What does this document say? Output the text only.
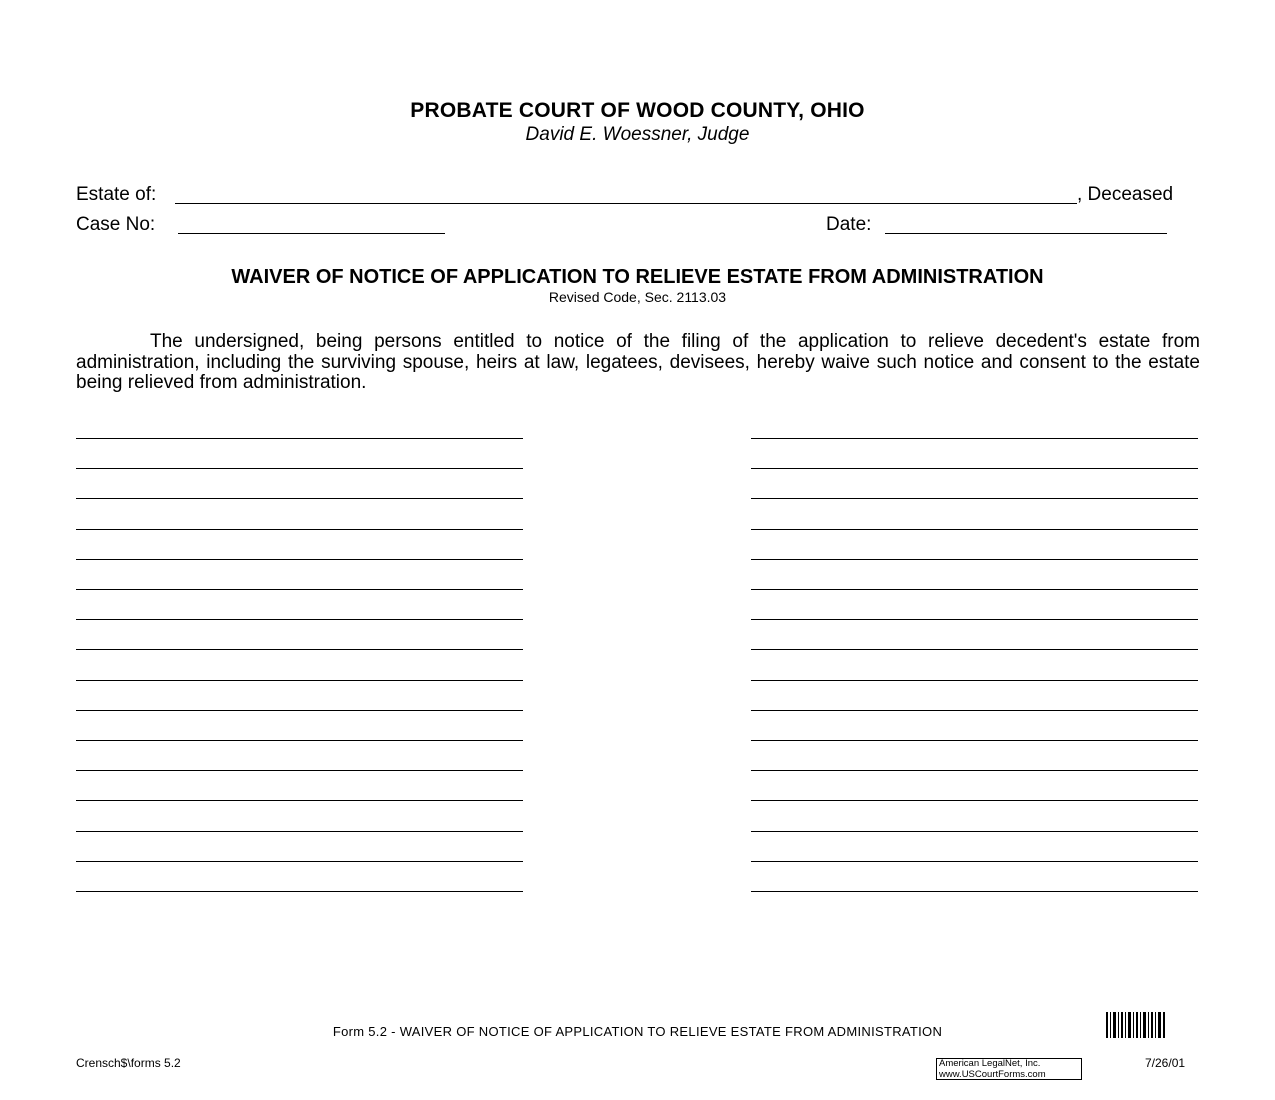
PROBATE COURT OF WOOD COUNTY, OHIO
David E. Woessner, Judge
Estate of:	, Deceased
Case No:	Date:
WAIVER OF NOTICE OF APPLICATION TO RELIEVE ESTATE FROM ADMINISTRATION
Revised Code, Sec. 2113.03
The undersigned, being persons entitled to notice of the filing of the application to relieve decedent's estate from administration, including the surviving spouse, heirs at law, legatees, devisees, hereby waive such notice and consent to the estate being relieved from administration.
Form 5.2 - WAIVER OF NOTICE OF APPLICATION TO RELIEVE ESTATE FROM ADMINISTRATION
Crensch$\forms 5.2	American LegalNet, Inc.
www.USCourtForms.com
7/26/01
